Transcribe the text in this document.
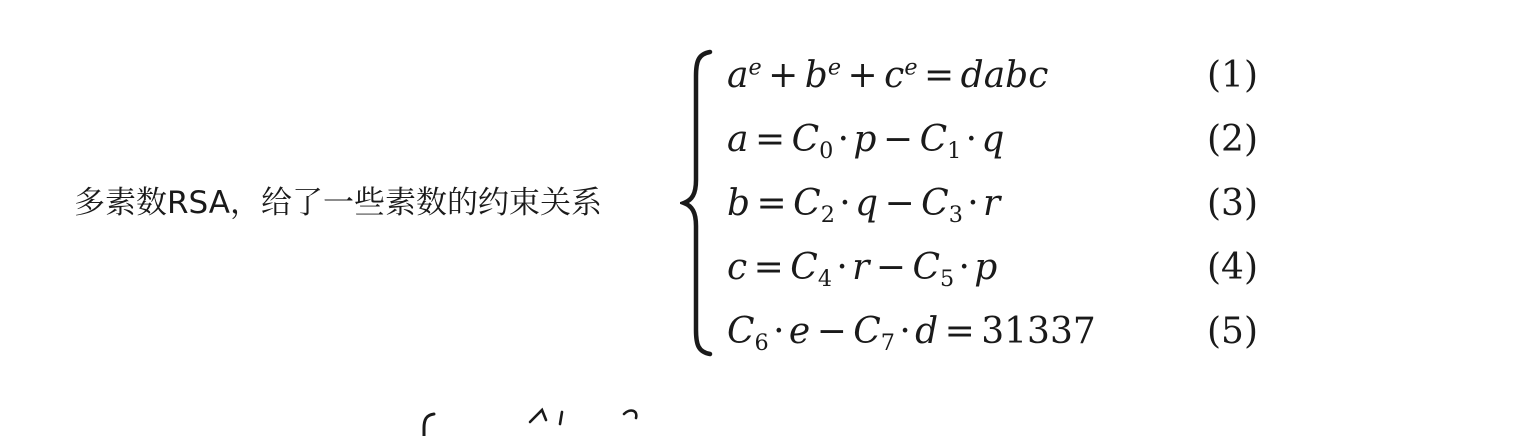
多素数RSA，给了一些素数的约束关系
$a^e + b^e + c^e$ = dabc	(1)
$a = C_0 \cdot p - C_1 \cdot q$	(2)
$b = C_2 \cdot q - C_3 \cdot r$	(3)
$c = C_4 \cdot r - C_5 \cdot p$	(4)
$C_6 \cdot e - C_7 \cdot d = 31337$	(5)
